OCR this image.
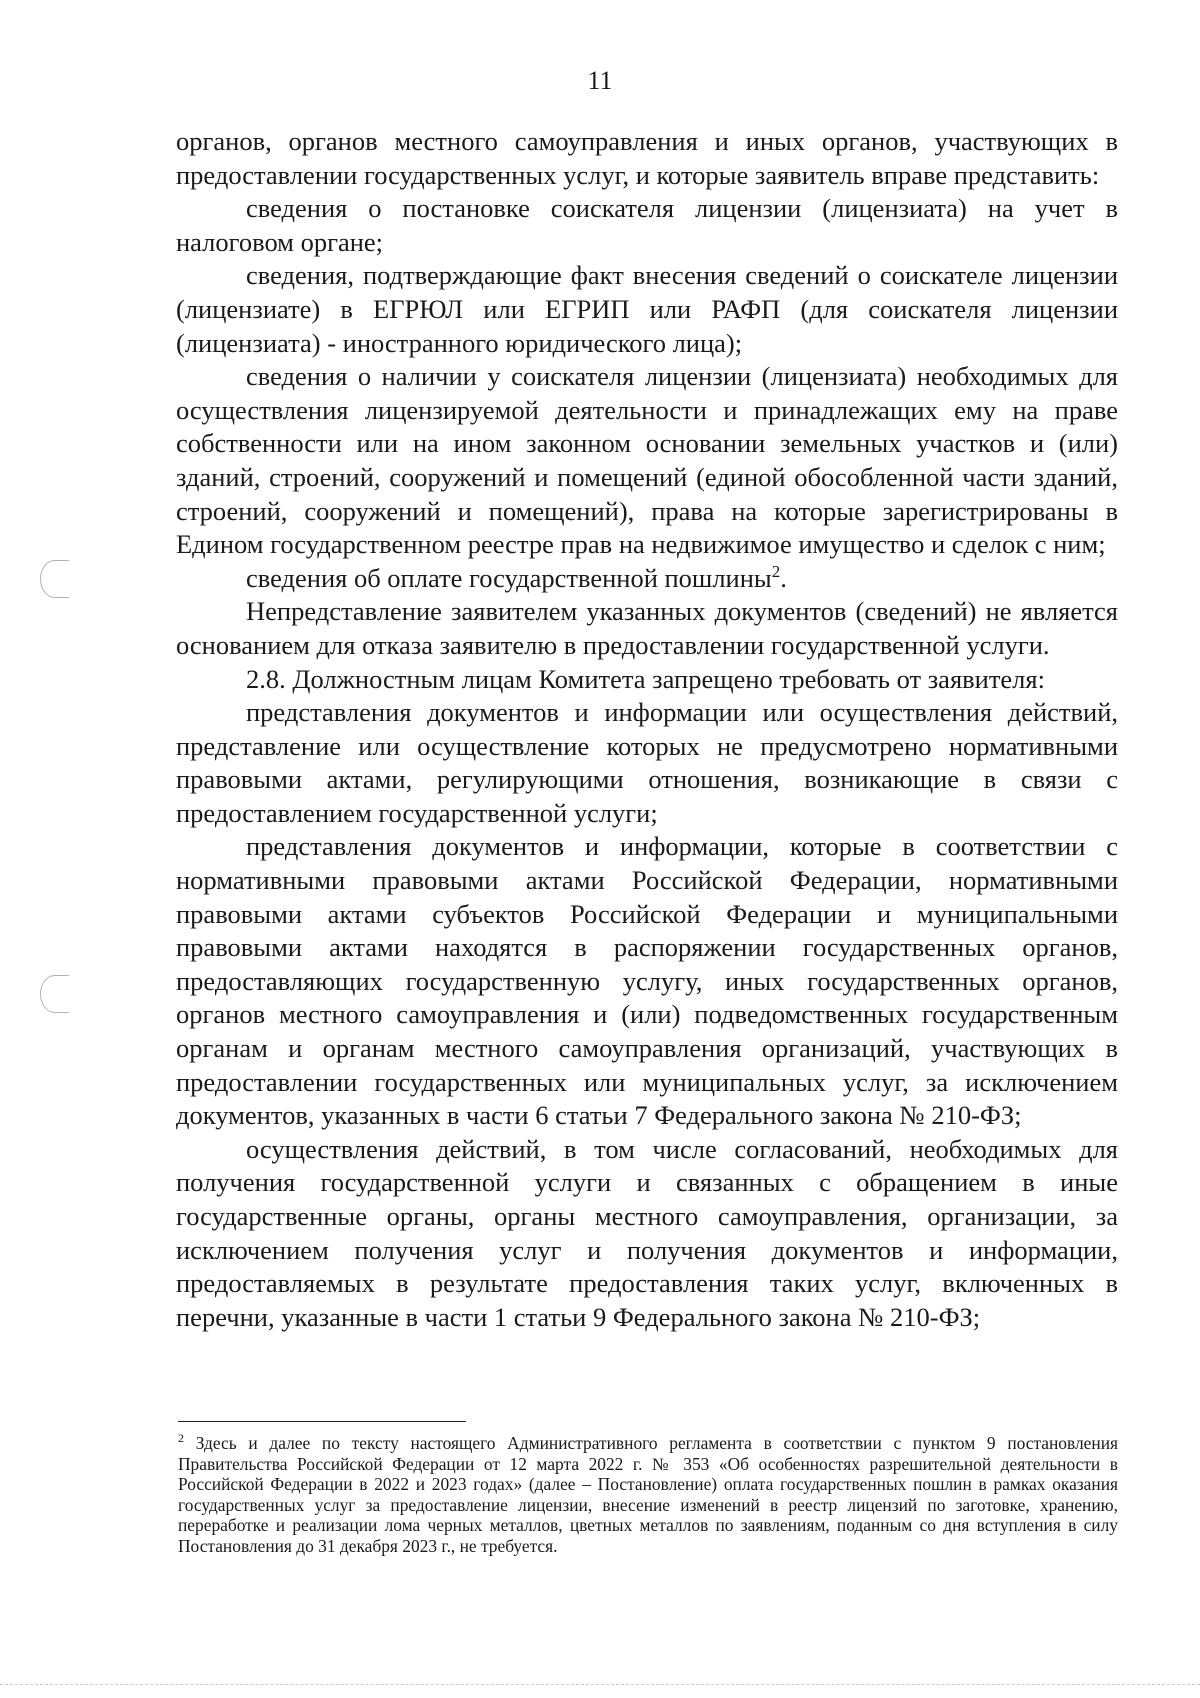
11

органов, органов местного самоуправления и иных органов, участвующих в предоставлении государственных услуг, и которые заявитель вправе представить:

сведения о постановке соискателя лицензии (лицензиата) на учет в налоговом органе;

сведения, подтверждающие факт внесения сведений о соискателе лицензии (лицензиате) в ЕГРЮЛ или ЕГРИП или РАФП (для соискателя лицензии (лицензиата) - иностранного юридического лица);

сведения о наличии у соискателя лицензии (лицензиата) необходимых для осуществления лицензируемой деятельности и принадлежащих ему на праве собственности или на ином законном основании земельных участков и (или) зданий, строений, сооружений и помещений (единой обособленной части зданий, строений, сооружений и помещений), права на которые зарегистрированы в Едином государственном реестре прав на недвижимое имущество и сделок с ним;

сведения об оплате государственной пошлины$^2$.

Непредставление заявителем указанных документов (сведений) не является основанием для отказа заявителю в предоставлении государственной услуги.

2.8. Должностным лицам Комитета запрещено требовать от заявителя:

представления документов и информации или осуществления действий, представление или осуществление которых не предусмотрено нормативными правовыми актами, регулирующими отношения, возникающие в связи с предоставлением государственной услуги;

представления документов и информации, которые в соответствии с нормативными правовыми актами Российской Федерации, нормативными правовыми актами субъектов Российской Федерации и муниципальными правовыми актами находятся в распоряжении государственных органов, предоставляющих государственную услугу, иных государственных органов, органов местного самоуправления и (или) подведомственных государственным органам и органам местного самоуправления организаций, участвующих в предоставлении государственных или муниципальных услуг, за исключением документов, указанных в части 6 статьи 7 Федерального закона № 210-ФЗ;

осуществления действий, в том числе согласований, необходимых для получения государственной услуги и связанных с обращением в иные государственные органы, органы местного самоуправления, организации, за исключением получения услуг и получения документов и информации, предоставляемых в результате предоставления таких услуг, включенных в перечни, указанные в части 1 статьи 9 Федерального закона № 210-ФЗ;

$^2$ Здесь и далее по тексту настоящего Административного регламента в соответствии с пунктом 9 постановления Правительства Российской Федерации от 12 марта 2022 г. № 353 «Об особенностях разрешительной деятельности в Российской Федерации в 2022 и 2023 годах» (далее – Постановление) оплата государственных пошлин в рамках оказания государственных услуг за предоставление лицензии, внесение изменений в реестр лицензий по заготовке, хранению, переработке и реализации лома черных металлов, цветных металлов по заявлениям, поданным со дня вступления в силу Постановления до 31 декабря 2023 г., не требуется.
